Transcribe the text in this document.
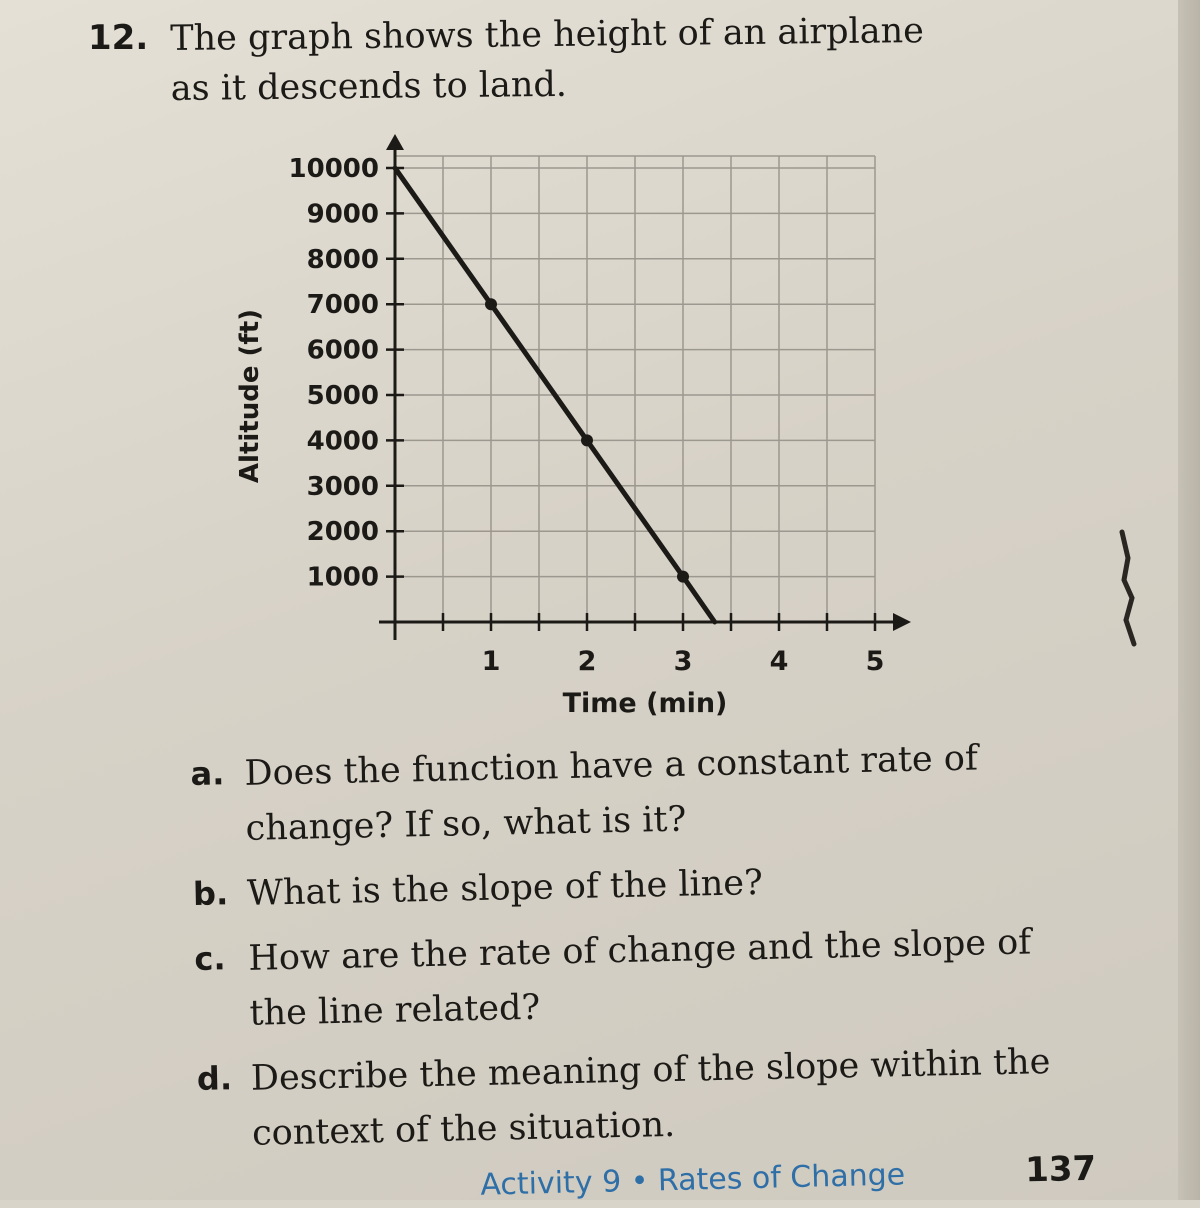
12. The graph shows the height of an airplane as it descends to land.
1000
2000
3000
4000
5000
6000
7000
8000
9000
10000
1	2	3	4	5
Time (min)
Altitude (ft)
a. Does the function have a constant rate of change? If so, what is it?
b. What is the slope of the line?
c. How are the rate of change and the slope of the line related?
d. Describe the meaning of the slope within the context of the situation.
Activity 9 • Rates of Change	137
